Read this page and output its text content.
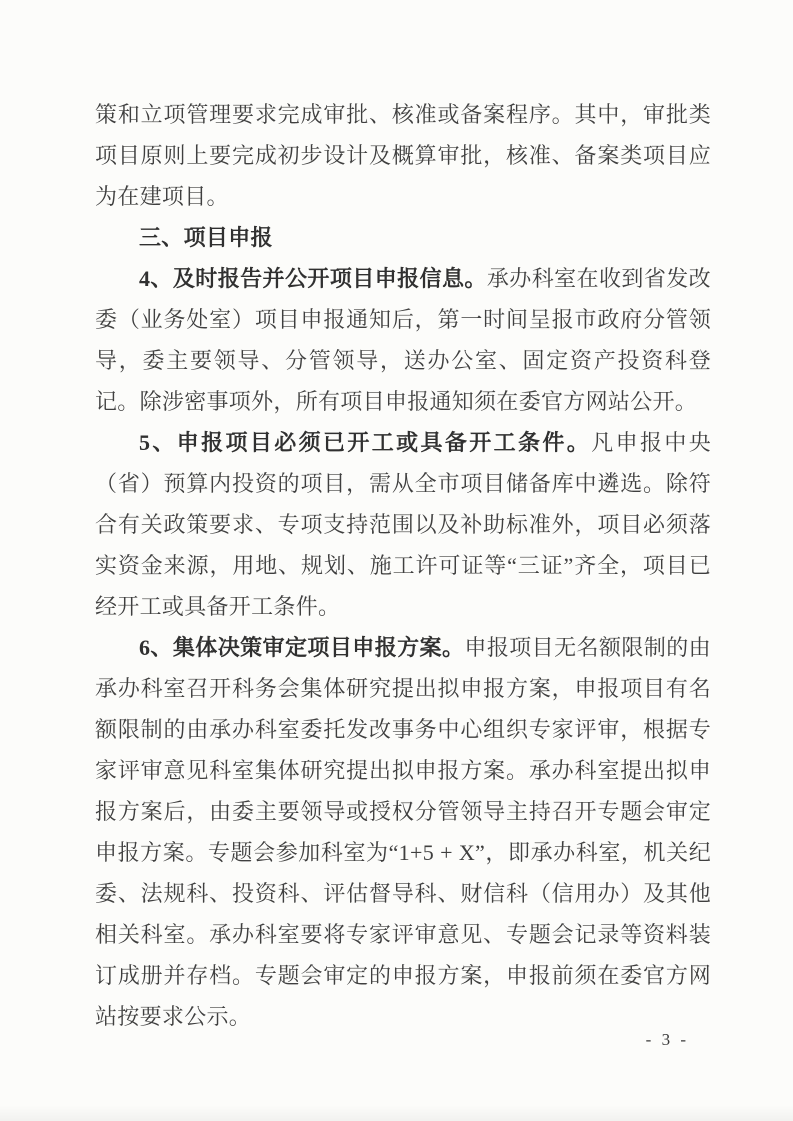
策和立项管理要求完成审批、核准或备案程序。其中，审批类项目原则上要完成初步设计及概算审批，核准、备案类项目应为在建项目。

三、项目申报

4、及时报告并公开项目申报信息。承办科室在收到省发改委（业务处室）项目申报通知后，第一时间呈报市政府分管领导，委主要领导、分管领导，送办公室、固定资产投资科登记。除涉密事项外，所有项目申报通知须在委官方网站公开。

5、申报项目必须已开工或具备开工条件。凡申报中央（省）预算内投资的项目，需从全市项目储备库中遴选。除符合有关政策要求、专项支持范围以及补助标准外，项目必须落实资金来源，用地、规划、施工许可证等“三证”齐全，项目已经开工或具备开工条件。

6、集体决策审定项目申报方案。申报项目无名额限制的由承办科室召开科务会集体研究提出拟申报方案，申报项目有名额限制的由承办科室委托发改事务中心组织专家评审，根据专家评审意见科室集体研究提出拟申报方案。承办科室提出拟申报方案后，由委主要领导或授权分管领导主持召开专题会审定申报方案。专题会参加科室为“1+5 + X”，即承办科室，机关纪委、法规科、投资科、评估督导科、财信科（信用办）及其他相关科室。承办科室要将专家评审意见、专题会记录等资料装订成册并存档。专题会审定的申报方案，申报前须在委官方网站按要求公示。

- 3 -
